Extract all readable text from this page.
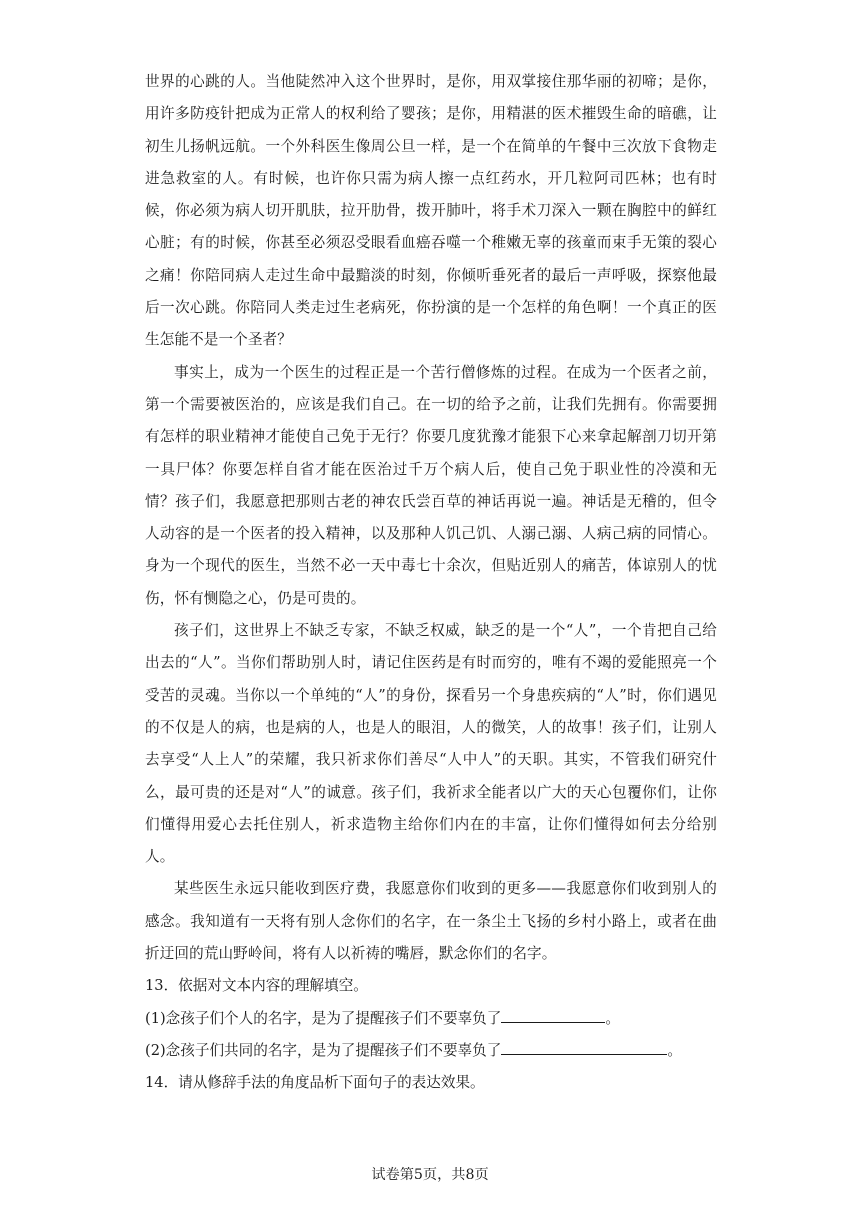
世界的心跳的人。当他陡然冲入这个世界时，是你，用双掌接住那华丽的初啼；是你，用许多防疫针把成为正常人的权利给了婴孩；是你，用精湛的医术摧毁生命的暗礁，让初生儿扬帆远航。一个外科医生像周公旦一样，是一个在简单的午餐中三次放下食物走进急救室的人。有时候，也许你只需为病人擦一点红药水，开几粒阿司匹林；也有时候，你必须为病人切开肌肤，拉开肋骨，拨开肺叶，将手术刀深入一颗在胸腔中的鲜红心脏；有的时候，你甚至必须忍受眼看血癌吞噬一个稚嫩无辜的孩童而束手无策的裂心之痛！你陪同病人走过生命中最黯淡的时刻，你倾听垂死者的最后一声呼吸，探察他最后一次心跳。你陪同人类走过生老病死，你扮演的是一个怎样的角色啊！一个真正的医生怎能不是一个圣者？

事实上，成为一个医生的过程正是一个苦行僧修炼的过程。在成为一个医者之前，第一个需要被医治的，应该是我们自己。在一切的给予之前，让我们先拥有。你需要拥有怎样的职业精神才能使自己免于无行？你要几度犹豫才能狠下心来拿起解剖刀切开第一具尸体？你要怎样自省才能在医治过千万个病人后，使自己免于职业性的冷漠和无情？孩子们，我愿意把那则古老的神农氏尝百草的神话再说一遍。神话是无稽的，但令人动容的是一个医者的投入精神，以及那种人饥己饥、人溺己溺、人病己病的同情心。身为一个现代的医生，当然不必一天中毒七十余次，但贴近别人的痛苦，体谅别人的忧伤，怀有恻隐之心，仍是可贵的。

孩子们，这世界上不缺乏专家，不缺乏权威，缺乏的是一个“人”，一个肯把自己给出去的“人”。当你们帮助别人时，请记住医药是有时而穷的，唯有不竭的爱能照亮一个受苦的灵魂。当你以一个单纯的“人”的身份，探看另一个身患疾病的“人”时，你们遇见的不仅是人的病，也是病的人，也是人的眼泪，人的微笑，人的故事！孩子们，让别人去享受“人上人”的荣耀，我只祈求你们善尽“人中人”的天职。其实，不管我们研究什么，最可贵的还是对“人”的诚意。孩子们，我祈求全能者以广大的天心包覆你们，让你们懂得用爱心去托住别人，祈求造物主给你们内在的丰富，让你们懂得如何去分给别人。

某些医生永远只能收到医疗费，我愿意你们收到的更多——我愿意你们收到别人的感念。我知道有一天将有别人念你们的名字，在一条尘土飞扬的乡村小路上，或者在曲折迂回的荒山野岭间，将有人以祈祷的嘴唇，默念你们的名字。

13．依据对文本内容的理解填空。

(1)念孩子们个人的名字，是为了提醒孩子们不要辜负了	。

(2)念孩子们共同的名字，是为了提醒孩子们不要辜负了	。

14．请从修辞手法的角度品析下面句子的表达效果。

试卷第5页，共8页
